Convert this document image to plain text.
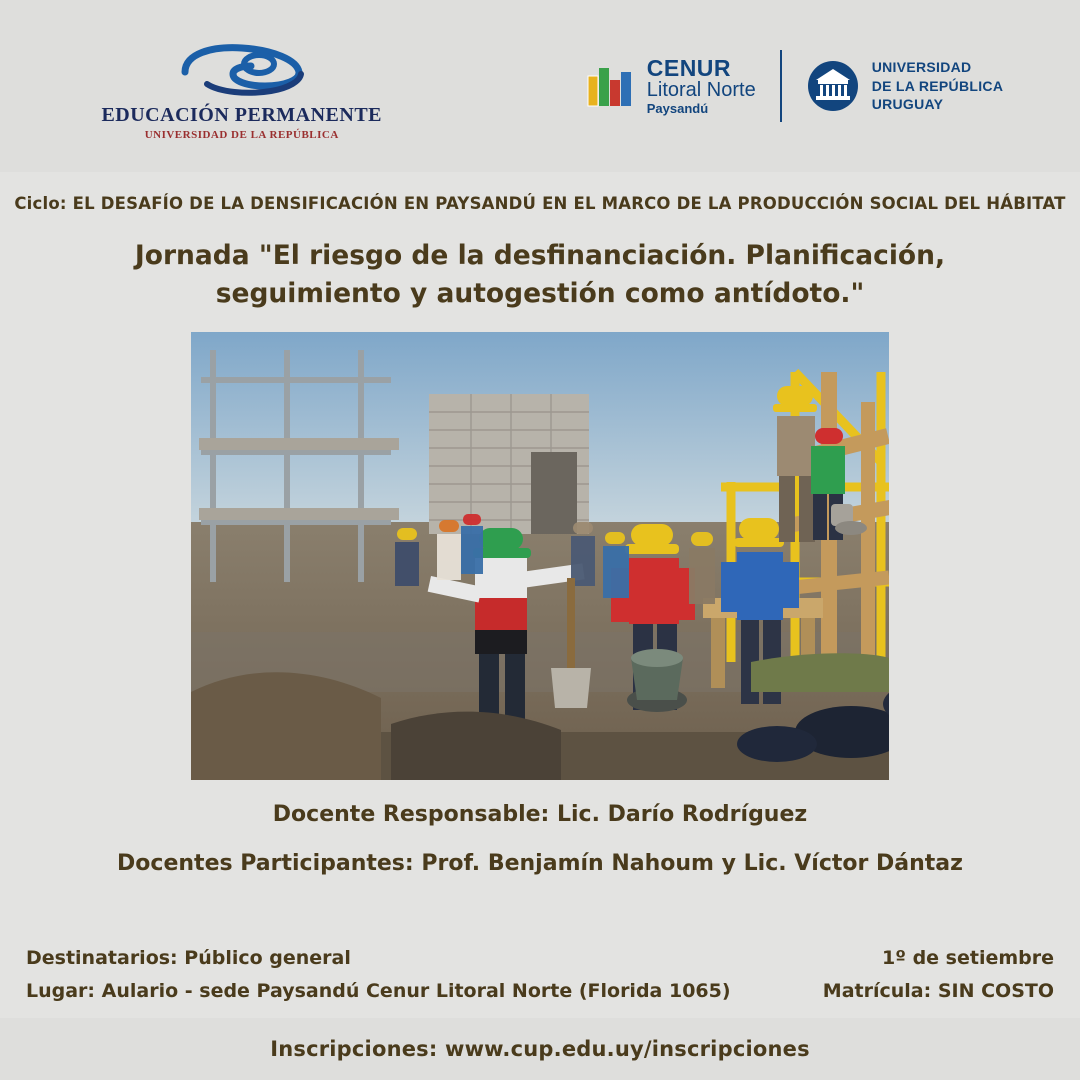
EDUCACIÓN PERMANENTE
UNIVERSIDAD DE LA REPÚBLICA
CENUR
Litoral Norte
Paysandú
UNIVERSIDAD
DE LA REPÚBLICA
URUGUAY
Ciclo: EL DESAFÍO DE LA DENSIFICACIÓN EN PAYSANDÚ EN EL MARCO DE LA PRODUCCIÓN SOCIAL DEL HÁBITAT
Jornada "El riesgo de la desfinanciación. Planificación, seguimiento y autogestión como antídoto."
Docente Responsable: Lic. Darío Rodríguez
Docentes Participantes: Prof. Benjamín Nahoum y Lic. Víctor Dántaz
Destinatarios: Público general
Lugar: Aulario - sede Paysandú Cenur Litoral Norte (Florida 1065)
1º de setiembre
Matrícula: SIN COSTO
Inscripciones: www.cup.edu.uy/inscripciones
